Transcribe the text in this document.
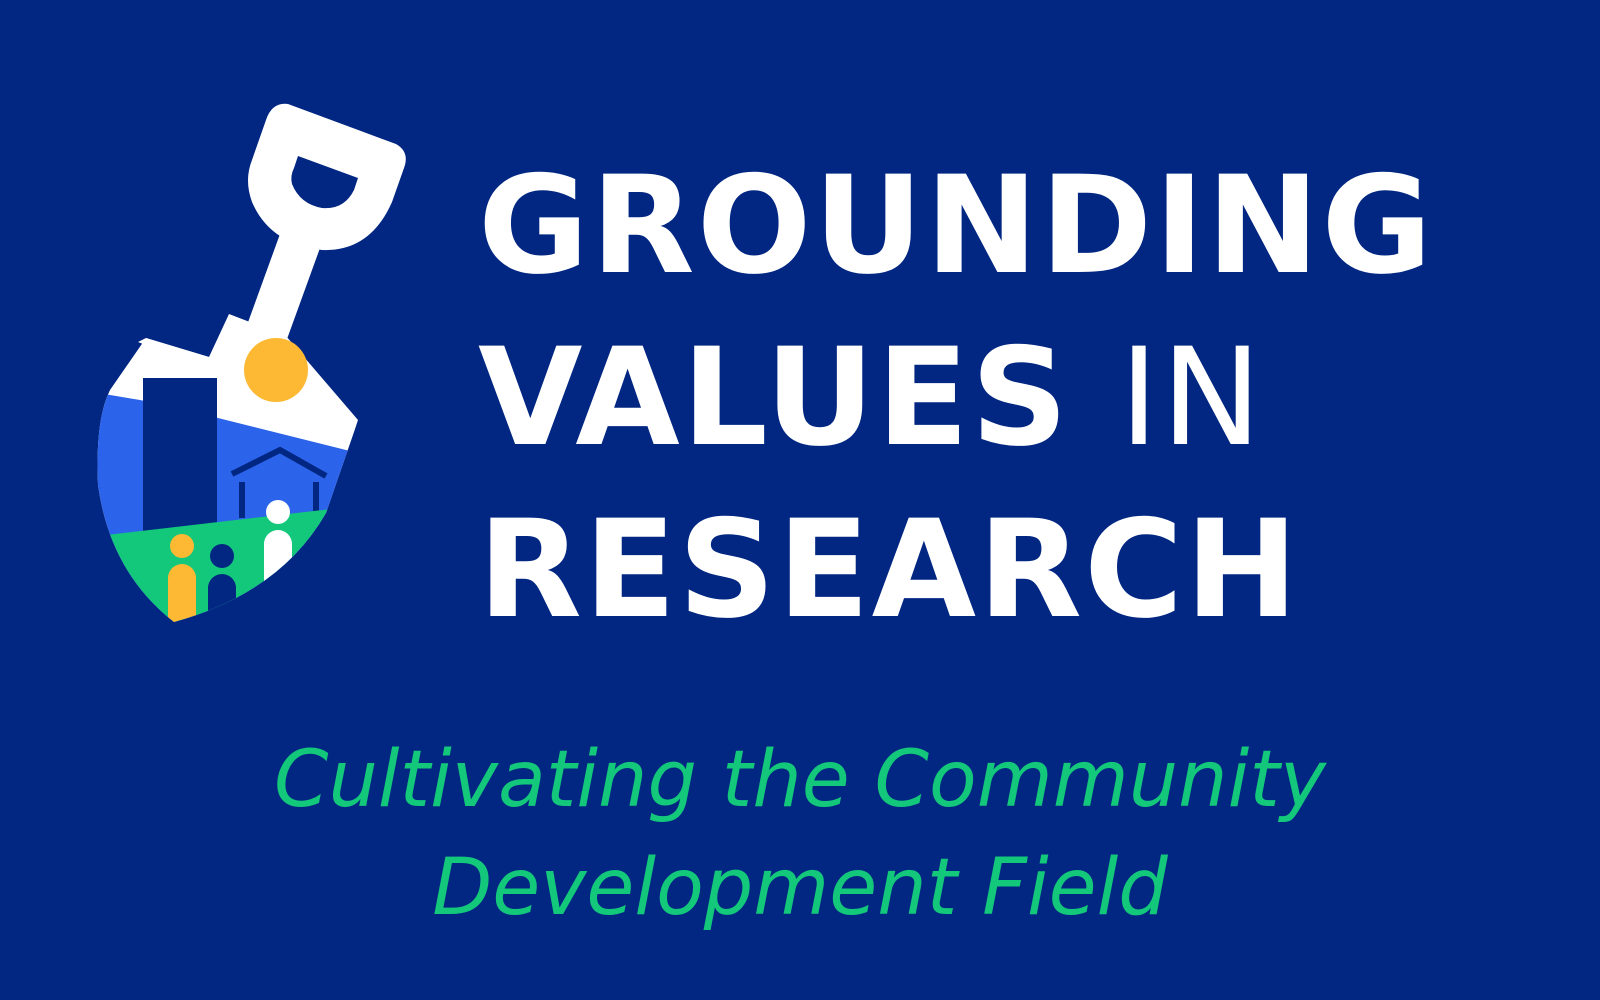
GROUNDING
VALUES IN
RESEARCH
Cultivating the Community
Development Field
